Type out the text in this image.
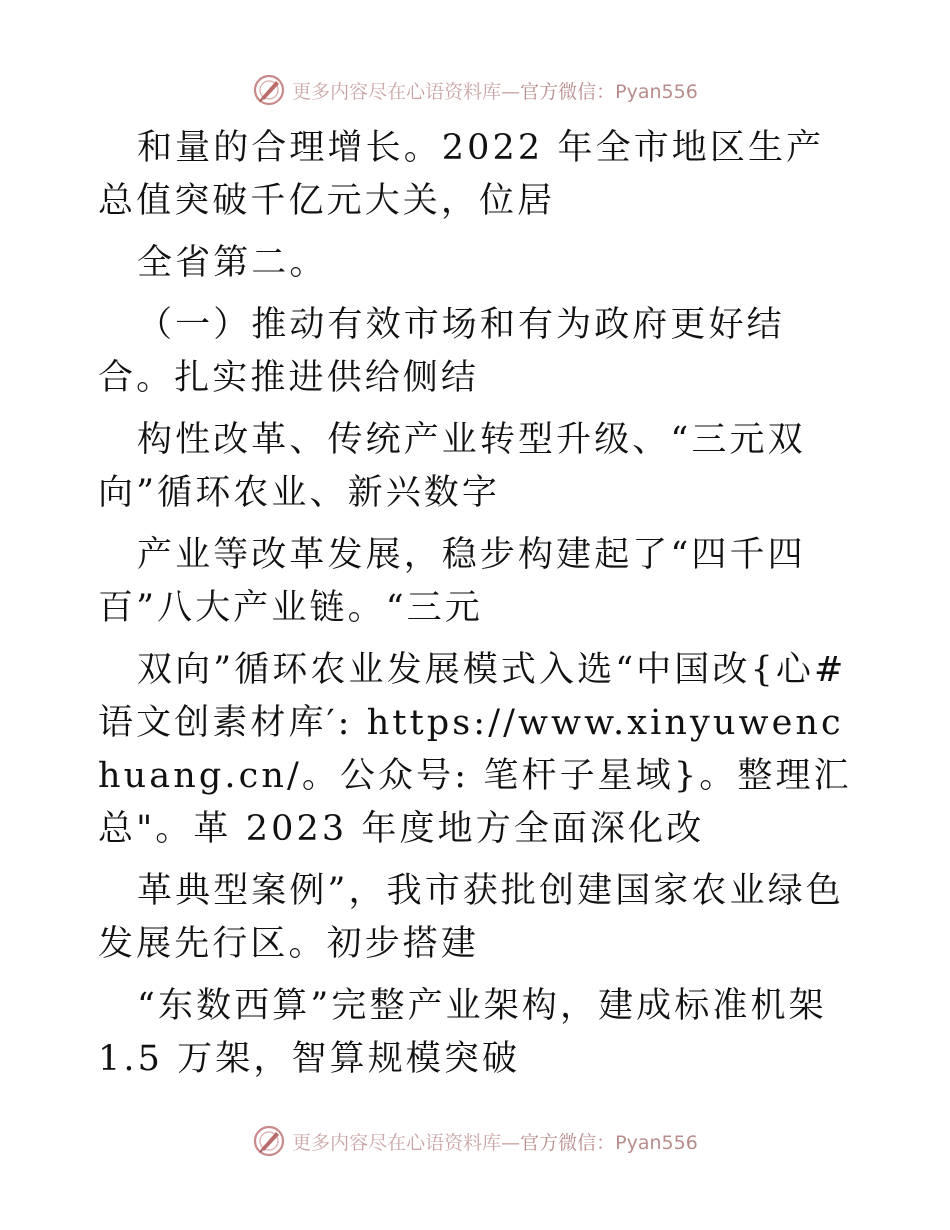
更多内容尽在心语资料库—官方微信：Pyan556

和量的合理增长。2022 年全市地区生产总值突破千亿元大关，位居

全省第二。

（一）推动有效市场和有为政府更好结合。扎实推进供给侧结

构性改革、传统产业转型升级、“三元双向”循环农业、新兴数字

产业等改革发展，稳步构建起了“四千四百”八大产业链。“三元

双向”循环农业发展模式入选“中国改{心#语文创素材库′: https://www.xinyuwenchuang.cn/。公众号: 笔杆子星域}。整理汇总"。革 2023 年度地方全面深化改

革典型案例”，我市获批创建国家农业绿色发展先行区。初步搭建

“东数西算”完整产业架构，建成标准机架 1.5 万架，智算规模突破

更多内容尽在心语资料库—官方微信：Pyan556
